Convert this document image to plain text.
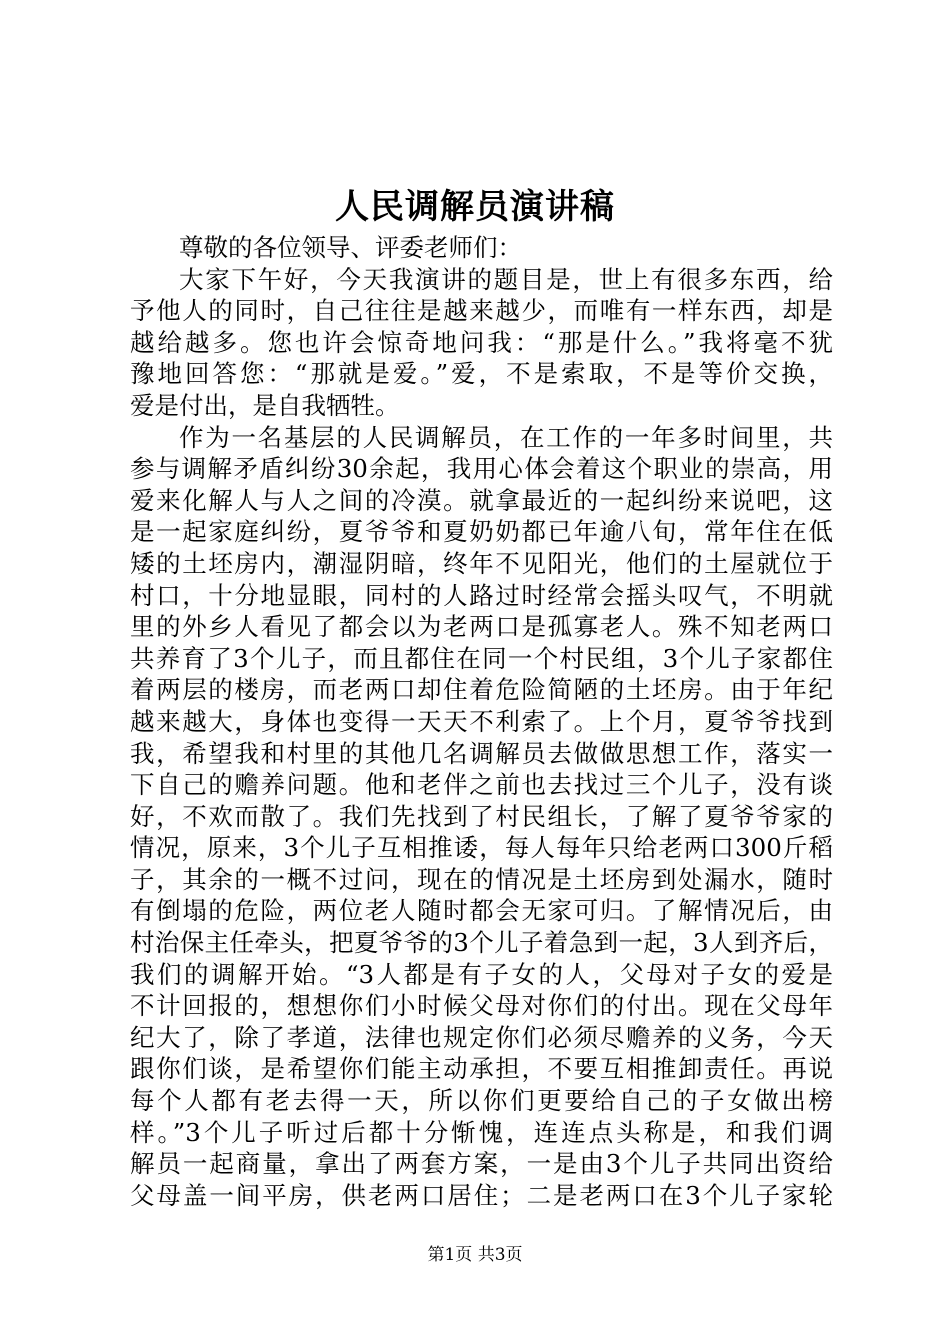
人民调解员演讲稿
尊敬的各位领导、评委老师们：
大家下午好，今天我演讲的题目是，世上有很多东西，给
予他人的同时，自己往往是越来越少，而唯有一样东西，却是
越给越多。您也许会惊奇地问我：“那是什么。”我将毫不犹
豫地回答您：“那就是爱。”爱，不是索取，不是等价交换，
爱是付出，是自我牺牲。
作为一名基层的人民调解员，在工作的一年多时间里，共
参与调解矛盾纠纷30余起，我用心体会着这个职业的崇高，用
爱来化解人与人之间的冷漠。就拿最近的一起纠纷来说吧，这
是一起家庭纠纷，夏爷爷和夏奶奶都已年逾八旬，常年住在低
矮的土坯房内，潮湿阴暗，终年不见阳光，他们的土屋就位于
村口，十分地显眼，同村的人路过时经常会摇头叹气，不明就
里的外乡人看见了都会以为老两口是孤寡老人。殊不知老两口
共养育了3个儿子，而且都住在同一个村民组，3个儿子家都住
着两层的楼房，而老两口却住着危险简陋的土坯房。由于年纪
越来越大，身体也变得一天天不利索了。上个月，夏爷爷找到
我，希望我和村里的其他几名调解员去做做思想工作，落实一
下自己的赡养问题。他和老伴之前也去找过三个儿子，没有谈
好，不欢而散了。我们先找到了村民组长，了解了夏爷爷家的
情况，原来，3个儿子互相推诿，每人每年只给老两口300斤稻
子，其余的一概不过问，现在的情况是土坯房到处漏水，随时
有倒塌的危险，两位老人随时都会无家可归。了解情况后，由
村治保主任牵头，把夏爷爷的3个儿子着急到一起，3人到齐后，
我们的调解开始。“3人都是有子女的人，父母对子女的爱是
不计回报的，想想你们小时候父母对你们的付出。现在父母年
纪大了，除了孝道，法律也规定你们必须尽赡养的义务，今天
跟你们谈，是希望你们能主动承担，不要互相推卸责任。再说
每个人都有老去得一天，所以你们更要给自己的子女做出榜
样。”3个儿子听过后都十分惭愧，连连点头称是，和我们调
解员一起商量，拿出了两套方案，一是由3个儿子共同出资给
父母盖一间平房，供老两口居住；二是老两口在3个儿子家轮
第1页 共3页
